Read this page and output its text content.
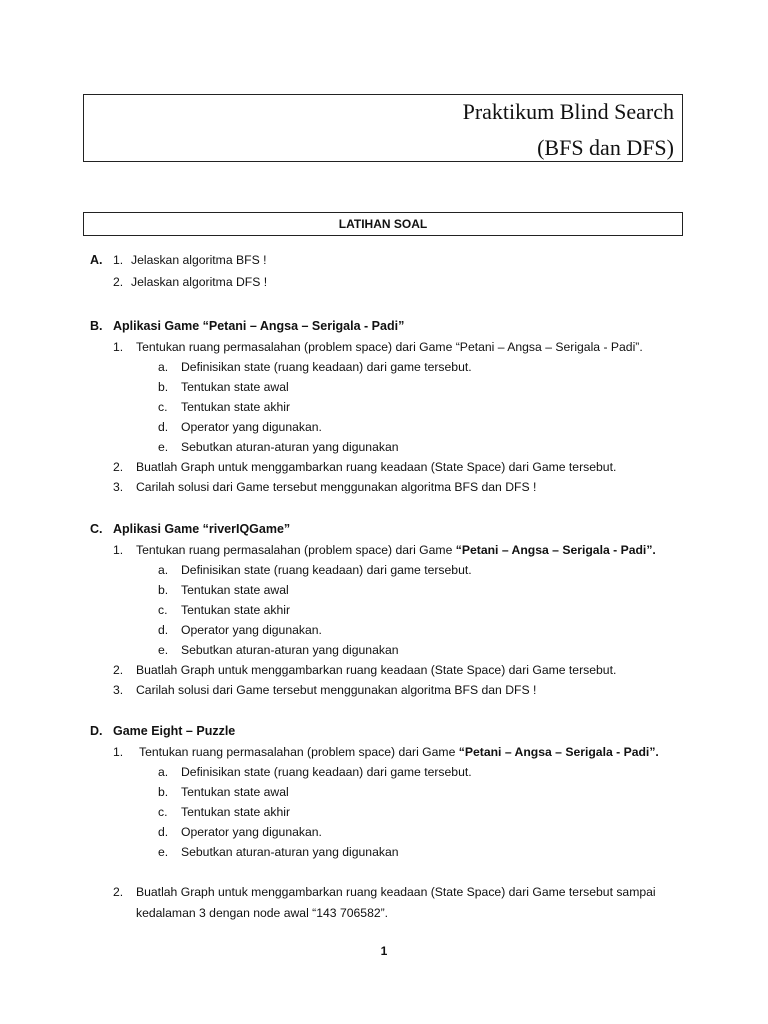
Praktikum Blind Search
(BFS dan DFS)
LATIHAN SOAL
A. 1. Jelaskan algoritma BFS !
2. Jelaskan algoritma DFS !
B. Aplikasi Game “Petani – Angsa – Serigala - Padi”
1. Tentukan ruang permasalahan (problem space) dari Game “Petani – Angsa – Serigala - Padi”.
a. Definisikan state (ruang keadaan) dari game tersebut.
b. Tentukan state awal
c. Tentukan state akhir
d. Operator yang digunakan.
e. Sebutkan aturan-aturan yang digunakan
2. Buatlah Graph untuk menggambarkan ruang keadaan (State Space) dari Game tersebut.
3. Carilah solusi dari Game tersebut menggunakan algoritma BFS dan DFS !
C. Aplikasi Game “riverIQGame”
1. Tentukan ruang permasalahan (problem space) dari Game “Petani – Angsa – Serigala - Padi”.
a. Definisikan state (ruang keadaan) dari game tersebut.
b. Tentukan state awal
c. Tentukan state akhir
d. Operator yang digunakan.
e. Sebutkan aturan-aturan yang digunakan
2. Buatlah Graph untuk menggambarkan ruang keadaan (State Space) dari Game tersebut.
3. Carilah solusi dari Game tersebut menggunakan algoritma BFS dan DFS !
D. Game Eight – Puzzle
1. Tentukan ruang permasalahan (problem space) dari Game “Petani – Angsa – Serigala - Padi”.
a. Definisikan state (ruang keadaan) dari game tersebut.
b. Tentukan state awal
c. Tentukan state akhir
d. Operator yang digunakan.
e. Sebutkan aturan-aturan yang digunakan
2. Buatlah Graph untuk menggambarkan ruang keadaan (State Space) dari Game tersebut sampai
kedalaman 3 dengan node awal “143 706582”.
1
